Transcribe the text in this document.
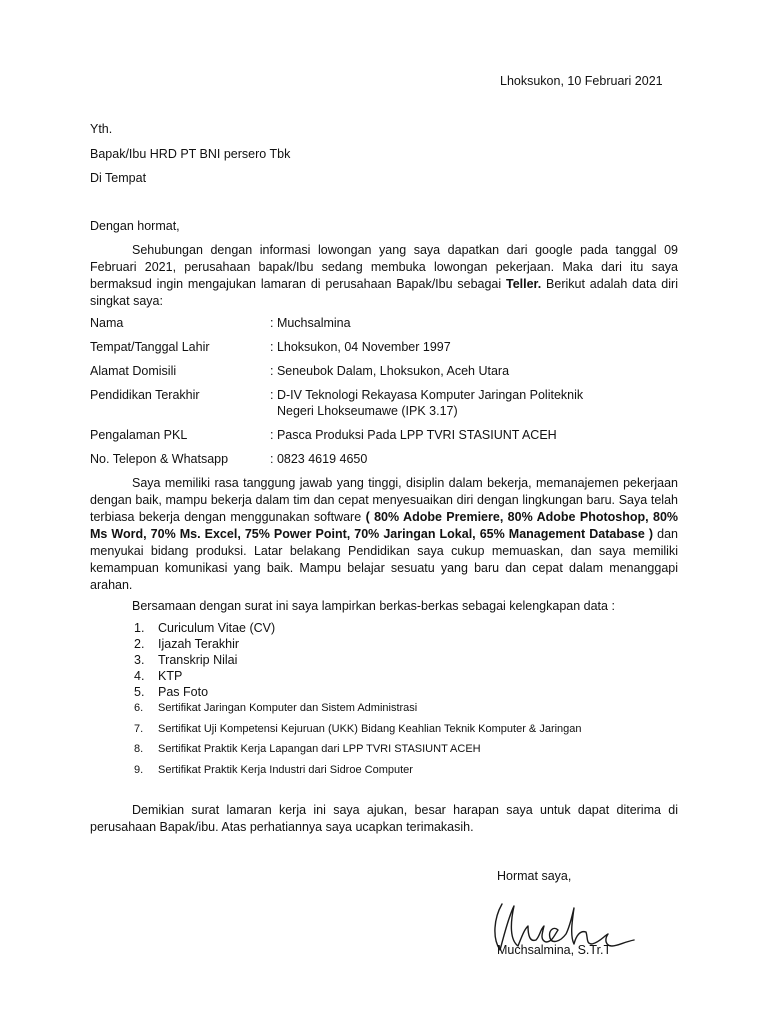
Lhoksukon, 10 Februari 2021
Yth.
Bapak/Ibu HRD PT BNI persero Tbk
Di Tempat
Dengan hormat,

Sehubungan dengan informasi lowongan yang saya dapatkan dari google pada tanggal 09 Februari 2021, perusahaan bapak/Ibu sedang membuka lowongan pekerjaan. Maka dari itu saya bermaksud ingin mengajukan lamaran di perusahaan Bapak/Ibu sebagai Teller. Berikut adalah data diri singkat saya:

Nama	: Muchsalmina
Tempat/Tanggal Lahir	: Lhoksukon, 04 November 1997
Alamat Domisili	: Seneubok Dalam, Lhoksukon, Aceh Utara
Pendidikan Terakhir	: D-IV Teknologi Rekayasa Komputer Jaringan Politeknik
Negeri Lhokseumawe (IPK 3.17)
Pengalaman PKL	: Pasca Produksi Pada LPP TVRI STASIUNT ACEH
No. Telepon & Whatsapp	: 0823 4619 4650

Saya memiliki rasa tanggung jawab yang tinggi, disiplin dalam bekerja, memanajemen pekerjaan dengan baik, mampu bekerja dalam tim dan cepat menyesuaikan diri dengan lingkungan baru. Saya telah terbiasa bekerja dengan menggunakan software ( 80% Adobe Premiere, 80% Adobe Photoshop, 80% Ms Word, 70% Ms. Excel, 75% Power Point, 70% Jaringan Lokal, 65% Management Database ) dan menyukai bidang produksi. Latar belakang Pendidikan saya cukup memuaskan, dan saya memiliki kemampuan komunikasi yang baik. Mampu belajar sesuatu yang baru dan cepat dalam menanggapi arahan.

Bersamaan dengan surat ini saya lampirkan berkas-berkas sebagai kelengkapan data :
1. Curiculum Vitae (CV)
2. Ijazah Terakhir
3. Transkrip Nilai
4. KTP
5. Pas Foto
6. Sertifikat Jaringan Komputer dan Sistem Administrasi
7. Sertifikat Uji Kompetensi Kejuruan (UKK) Bidang Keahlian Teknik Komputer & Jaringan
8. Sertifikat Praktik Kerja Lapangan dari LPP TVRI STASIUNT ACEH
9. Sertifikat Praktik Kerja Industri dari Sidroe Computer

Demikian surat lamaran kerja ini saya ajukan, besar harapan saya untuk dapat diterima di perusahaan Bapak/ibu. Atas perhatiannya saya ucapkan terimakasih.

Hormat saya,
Muchsalmina, S.Tr.T
